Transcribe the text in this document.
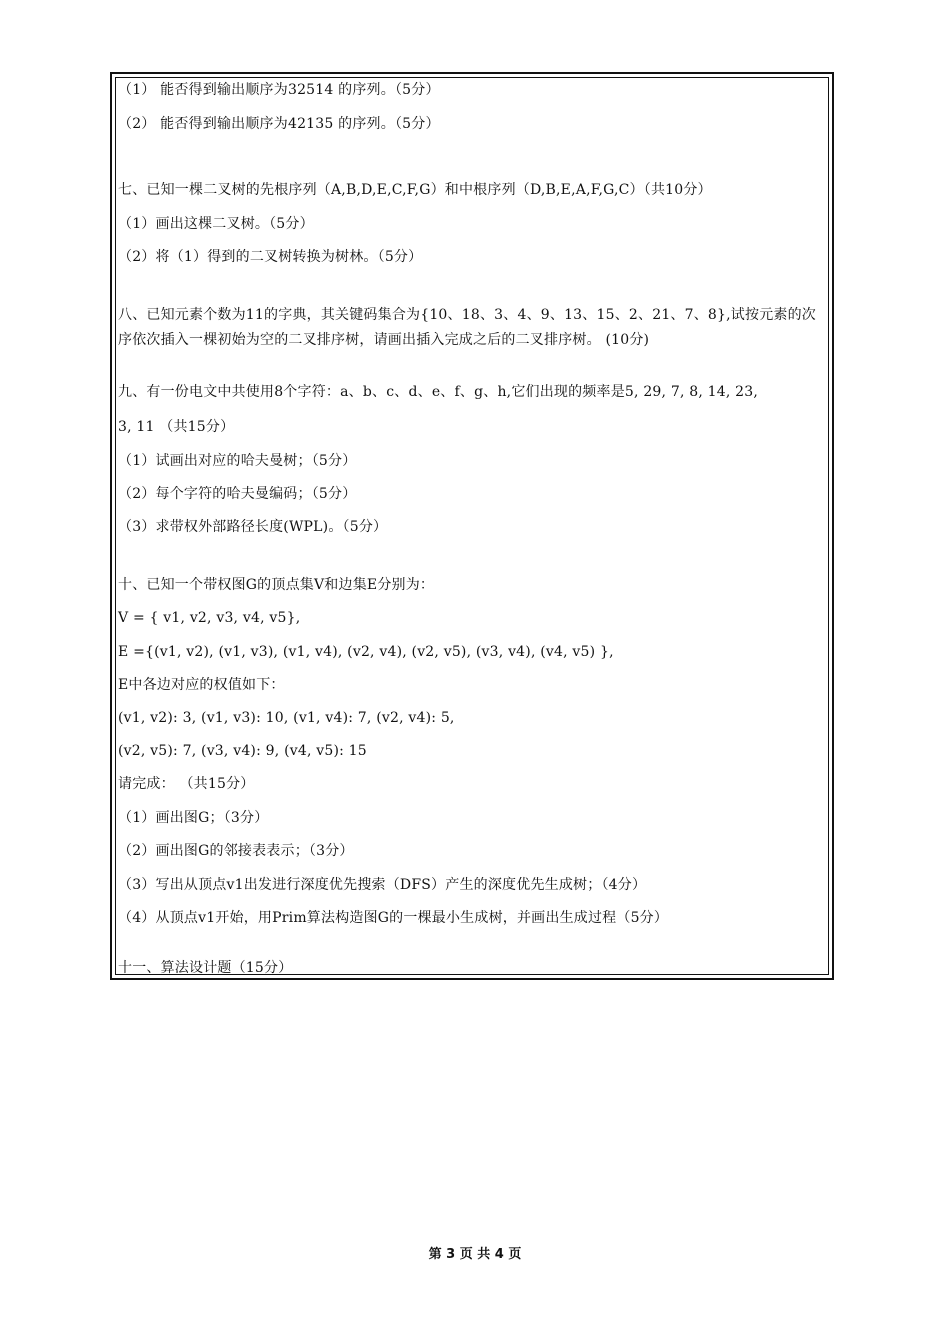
（1） 能否得到输出顺序为32514 的序列。（5分）
（2） 能否得到输出顺序为42135 的序列。（5分）
七、已知一棵二叉树的先根序列（A,B,D,E,C,F,G）和中根序列（D,B,E,A,F,G,C）（共10分）
（1）画出这棵二叉树。（5分）
（2）将（1）得到的二叉树转换为树林。（5分）
八、已知元素个数为11的字典，其关键码集合为{10、18、3、4、9、13、15、2、21、7、8},试按元素的次
序依次插入一棵初始为空的二叉排序树，请画出插入完成之后的二叉排序树。 (10分)
九、有一份电文中共使用8个字符：a、b、c、d、e、f、g、h,它们出现的频率是5, 29, 7, 8, 14, 23,
3, 11 （共15分）
（1）试画出对应的哈夫曼树；（5分）
（2）每个字符的哈夫曼编码；（5分）
（3）求带权外部路径长度(WPL)。（5分）
十、已知一个带权图G的顶点集V和边集E分别为：
V = { v1, v2, v3, v4, v5},
E ={(v1, v2), (v1, v3), (v1, v4), (v2, v4), (v2, v5), (v3, v4), (v4, v5) },
E中各边对应的权值如下：
(v1, v2): 3, (v1, v3): 10, (v1, v4): 7, (v2, v4): 5,
(v2, v5): 7, (v3, v4): 9, (v4, v5): 15
请完成： （共15分）
（1）画出图G；（3分）
（2）画出图G的邻接表表示；（3分）
（3）写出从顶点v1出发进行深度优先搜索（DFS）产生的深度优先生成树；（4分）
（4）从顶点v1开始，用Prim算法构造图G的一棵最小生成树，并画出生成过程（5分）
十一、算法设计题（15分）
第 3 页 共 4 页
